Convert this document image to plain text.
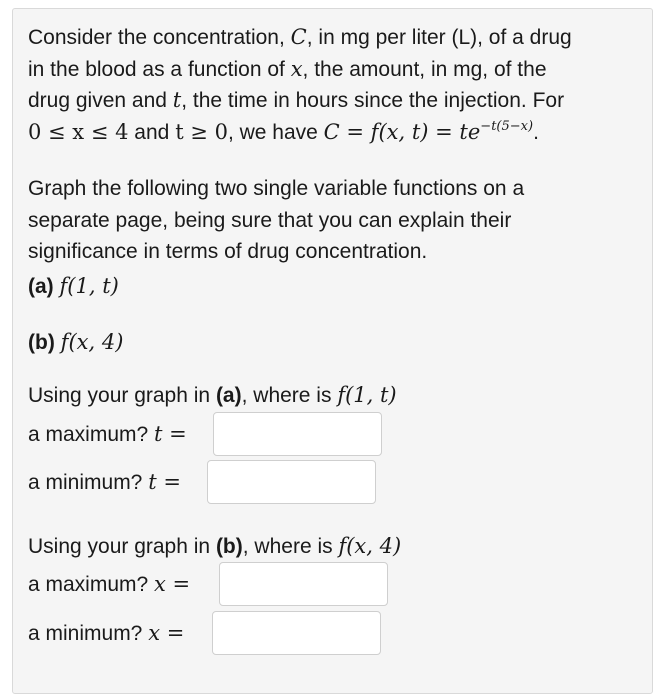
Consider the concentration, C, in mg per liter (L), of a drug
in the blood as a function of x, the amount, in mg, of the
drug given and t, the time in hours since the injection. For
0 ≤ x ≤ 4 and t ≥ 0, we have C = f(x, $t) = te^{-t(5-x)}$.
Graph the following two single variable functions on a
separate page, being sure that you can explain their
significance in terms of drug concentration.
(a) f(1, t)
(b) f(x, 4)
Using your graph in (a), where is f(1, t)
a maximum? t =
a minimum? t =
Using your graph in (b), where is f(x, 4)
a maximum? x =
a minimum? x =
